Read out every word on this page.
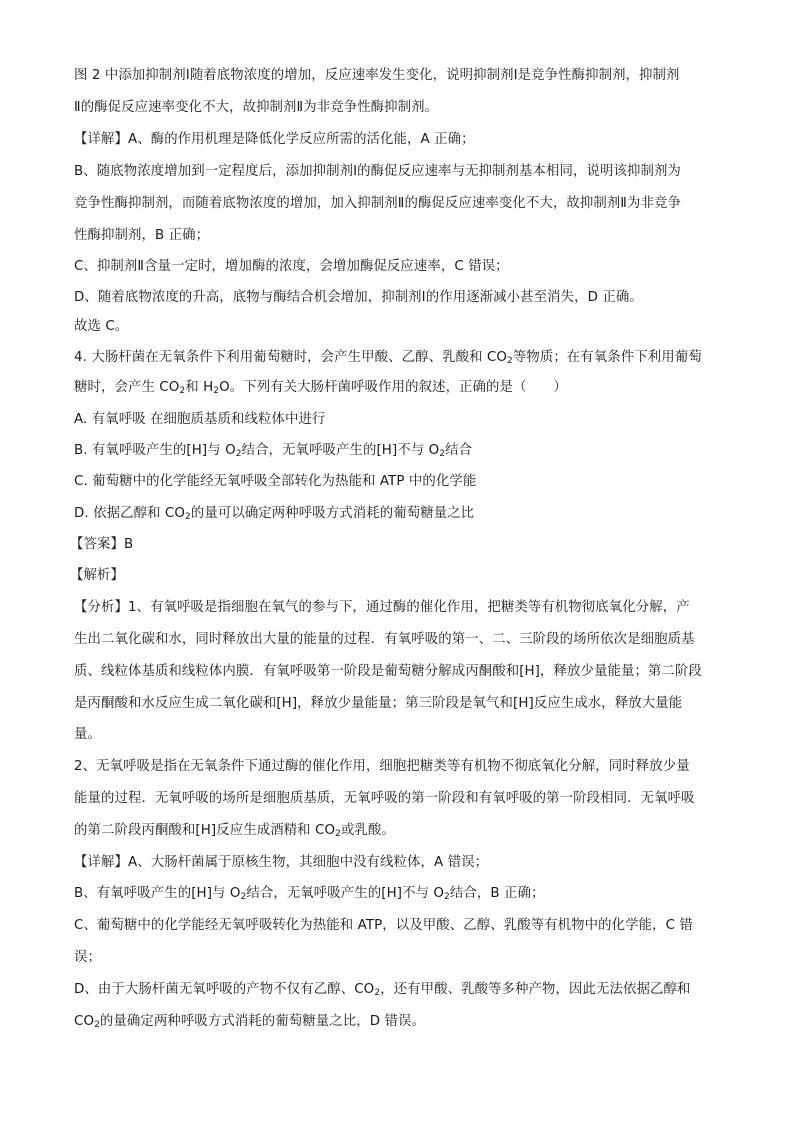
图 2 中添加抑制剂Ⅰ随着底物浓度的增加，反应速率发生变化，说明抑制剂Ⅰ是竞争性酶抑制剂，抑制剂
Ⅱ的酶促反应速率变化不大，故抑制剂Ⅱ为非竞争性酶抑制剂。
【详解】A、酶的作用机理是降低化学反应所需的活化能，A 正确；
B、随底物浓度增加到一定程度后，添加抑制剂Ⅰ的酶促反应速率与无抑制剂基本相同，说明该抑制剂为
竞争性酶抑制剂，而随着底物浓度的增加，加入抑制剂Ⅱ的酶促反应速率变化不大，故抑制剂Ⅱ为非竞争
性酶抑制剂，B 正确；
C、抑制剂Ⅱ含量一定时，增加酶的浓度，会增加酶促反应速率，C 错误；
D、随着底物浓度的升高，底物与酶结合机会增加，抑制剂Ⅰ的作用逐渐减小甚至消失，D 正确。
故选 C。
4. 大肠杆菌在无氧条件下利用葡萄糖时，会产生甲酸、乙醇、乳酸和 $CO_2$等物质；在有氧条件下利用葡萄
糖时，会产生 $CO_2$和 $H_2O$。下列有关大肠杆菌呼吸作用的叙述，正确的是（　　）
A. 有氧呼吸 在细胞质基质和线粒体中进行
B. 有氧呼吸产生的[H]与 $O_2$结合，无氧呼吸产生的[H]不与 $O_2$结合
C. 葡萄糖中的化学能经无氧呼吸全部转化为热能和 ATP 中的化学能
D. 依据乙醇和 $CO_2$的量可以确定两种呼吸方式消耗的葡萄糖量之比
【答案】B
【解析】
【分析】1、有氧呼吸是指细胞在氧气的参与下，通过酶的催化作用，把糖类等有机物彻底氧化分解，产
生出二氧化碳和水，同时释放出大量的能量的过程．有氧呼吸的第一、二、三阶段的场所依次是细胞质基
质、线粒体基质和线粒体内膜．有氧呼吸第一阶段是葡萄糖分解成丙酮酸和[H]，释放少量能量；第二阶段
是丙酮酸和水反应生成二氧化碳和[H]，释放少量能量；第三阶段是氧气和[H]反应生成水，释放大量能
量。
2、无氧呼吸是指在无氧条件下通过酶的催化作用，细胞把糖类等有机物不彻底氧化分解，同时释放少量
能量的过程．无氧呼吸的场所是细胞质基质，无氧呼吸的第一阶段和有氧呼吸的第一阶段相同．无氧呼吸
的第二阶段丙酮酸和[H]反应生成酒精和 $CO_2$或乳酸。
【详解】A、大肠杆菌属于原核生物，其细胞中没有线粒体，A 错误；
B、有氧呼吸产生的[H]与 $O_2$结合，无氧呼吸产生的[H]不与 $O_2$结合，B 正确；
C、葡萄糖中的化学能经无氧呼吸转化为热能和 ATP，以及甲酸、乙醇、乳酸等有机物中的化学能，C 错
误；
D、由于大肠杆菌无氧呼吸的产物不仅有乙醇、$CO_2$，还有甲酸、乳酸等多种产物，因此无法依据乙醇和
$CO_2$的量确定两种呼吸方式消耗的葡萄糖量之比，D 错误。
